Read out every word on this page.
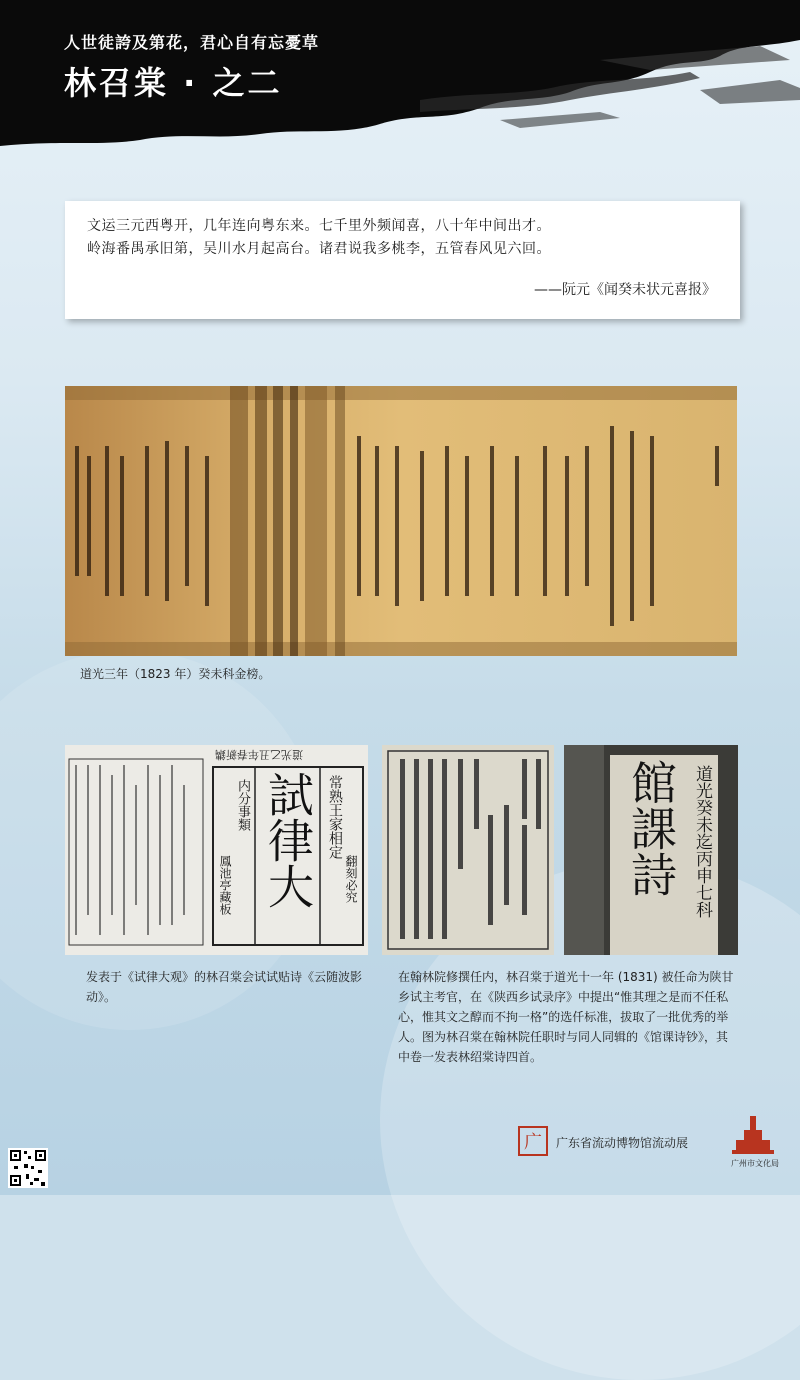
人世徒誇及第花，君心自有忘憂草
林召棠 · 之二
文运三元西粤开，几年连向粤东来。七千里外频闻喜，八十年中间出才。
岭海番禺承旧第，吴川水月起高台。诸君说我多桃李，五管春风见六回。
——阮元《闻癸未状元喜报》
道光三年（1823 年）癸未科金榜。
道光乙丑年春新鐫
試律大 常熟王家相定
翻刻必究
内分事類
鳳池亭藏板	館課詩 道光癸未迄丙申七科
发表于《试律大观》的林召棠会试试贴诗《云随波影动》。
在翰林院修撰任内，林召棠于道光十一年 (1831) 被任命为陕甘乡试主考官，在《陕西乡试录序》中提出“惟其理之是而不任私心，惟其文之醇而不拘一格”的选仟标准，拔取了一批优秀的举人。图为林召棠在翰林院任职时与同人同辑的《馆课诗钞》，其中卷一发表林绍棠诗四首。
广 广东省流动博物馆流动展
广州市文化局
